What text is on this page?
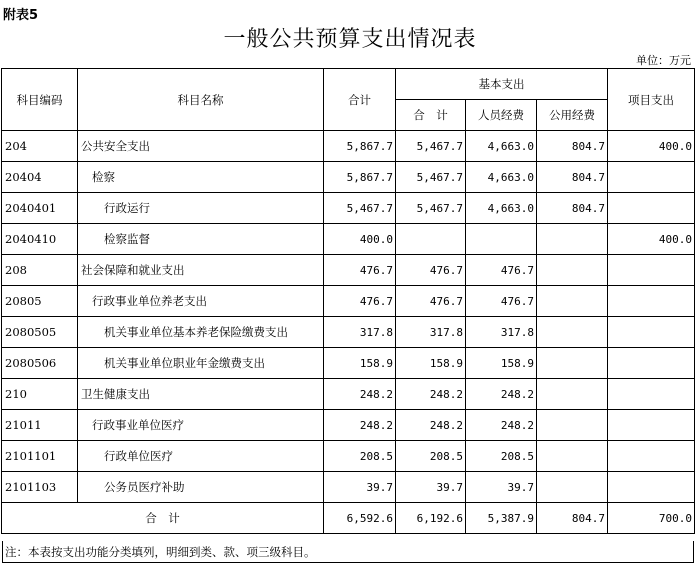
附表5
一般公共预算支出情况表
单位：万元
科目编码	科目名称	合计	基本支出			项目支出
			合　计	人员经费	公用经费	
204	公共安全支出	5,867.7	5,467.7	4,663.0	804.7	400.0
20404	检察	5,867.7	5,467.7	4,663.0	804.7	
2040401	行政运行	5,467.7	5,467.7	4,663.0	804.7	
2040410	检察监督	400.0				400.0
208	社会保障和就业支出	476.7	476.7	476.7		
20805	行政事业单位养老支出	476.7	476.7	476.7		
2080505	机关事业单位基本养老保险缴费支出	317.8	317.8	317.8		
2080506	机关事业单位职业年金缴费支出	158.9	158.9	158.9		
210	卫生健康支出	248.2	248.2	248.2		
21011	行政事业单位医疗	248.2	248.2	248.2		
2101101	行政单位医疗	208.5	208.5	208.5		
2101103	公务员医疗补助	39.7	39.7	39.7		
合　计		6,592.6	6,192.6	5,387.9	804.7	700.0
注：本表按支出功能分类填列，明细到类、款、项三级科目。
